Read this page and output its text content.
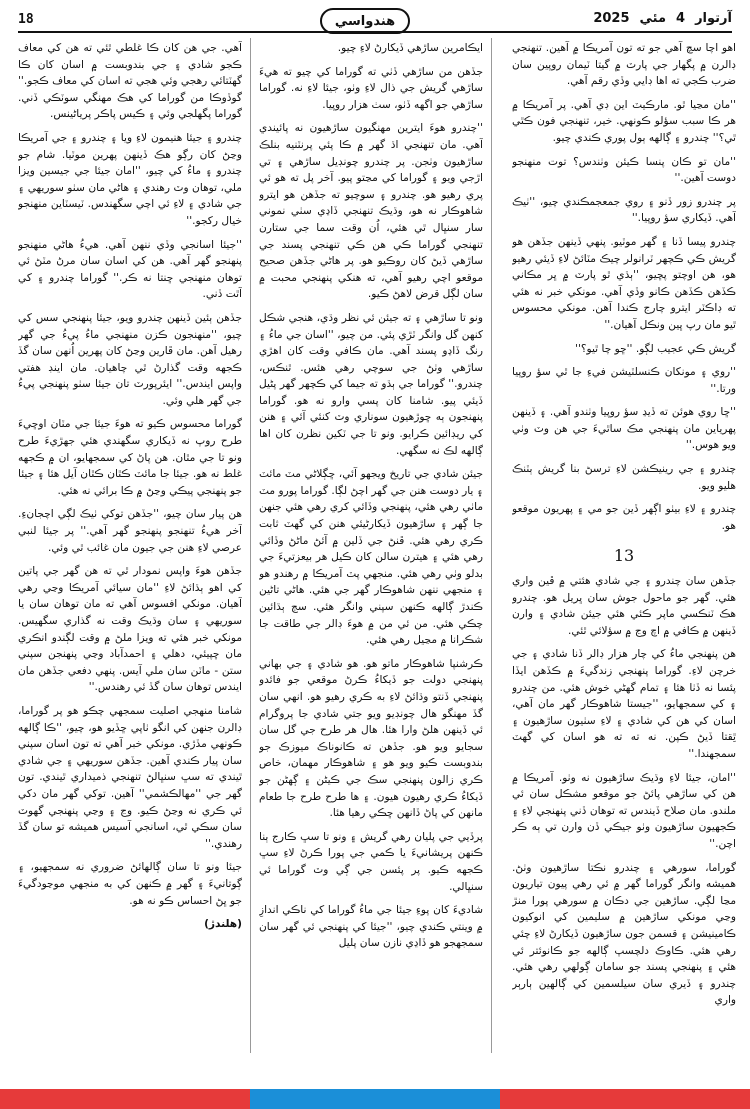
18	هندواسي	2025 مئي 4 آرتوار

اهو اچا سچ آهي جو ته تون آمريڪا ۾ آهين. تنهنجي ڊالرن ۾ پگهار جي پارٽ ۾ گيتا ٽيمان روپين سان ضرب ڪجي ته اها ڊايي وڏي رقم آهي.

''مان مڃيا ٿو. مارڪيٽ اين ڊي آهي. پر آمريڪا ۾ هر ڪا سبب سؤلو ڪونهي. خير، تنهنجي فون ڪٿي ٿي؟'' چندرو ۽ ڳالهه ٻول پوري ڪندي چيو.

''مان تو ڪان پنسا ڪيئن وٺندس؟ توت منهنجو دوست آهين.''

پر چندرو زور ڏنو ۽ روي جمعجمڪندي چيو، ''ٺيڪ آهي. ڏيکاري سؤ روپيا.''

چندرو پيسا ڏنا ۽ گهر موٽيو. پنهي ڏينهن جڏهن هو گريش ڪي ڪچهر ٽرانولر چيڪ مٽائڻ لاءِ ڏيئي رهيو هو، هن اوچتو پڇيو، ''ٻڌي ٿو پارٽ ۾ ڀر مڪاني ڪڏهن ڪڏهن ڪانو وڏي آهي. مونکي خبر نه هئي ته ڊاڪٽر ايترو چارج ڪندا آهن. مونکي محسوس ٿيو مان رپ ڀين ونڪل آهيان.''

گريش ڪي عجيب لڳو. ''ڇو چا ٿيو؟''

''روي ۽ مونکان ڪنسلٽيشن فيءِ جا ٿي سؤ روپيا ورتا.''

''ڇا روي هوئن ته ڏيڍ سؤ روپيا وٺندو آهي. ۽ ڏينهن پهرياين مان پنهنجي مڪ ساٿيءَ جي هن وٽ وٺي ويو هوس.''

چندرو ۽ جي رينيڪشن لاءِ ترسڻ بنا گريش ٻٽنڪ هليو ويو.

چندرو ۽ لاءِ بيٺو اڳهر ڏين جو مي ۽ پهريون موقعو هو.

13

جڏهن سان چندرو ۽ جي شادي هئتي ۾ ڦين واري هئي. گهر جو ماحول جوش سان ڀريل هو. چندرو هڪ ٽنڪسي ماپر ڪئي هئي جيئن شادي ۽ وارن ڏينهن ۾ ڪافي ۾ اچ وڃ ۾ سؤلائي ٿئي.

هن پنهنجي ماءُ کي چار هزار ڊالر ڏنا شادي ۽ جي خرچن لاءِ. گوراما پنهنجي زندگيءَ ۾ ڪڏهن ايڏا پئسا نه ڏٺا هئا ۽ تمام گهڻي خوش هئي. من چندرو ۽ کي سمجهايو، ''جيستا شاهوڪار گهر مان آهي، اسان کي هن کي شادي ۽ لاءِ سٺيون ساڙهيون ۽ ٿِقتا ڏيڻ ڪپن. نه ته ته هو اسان کي گهٽ سمجهندا.''

''امان، جيئا لاءِ وڌيڪ ساڙهيون نه وٺو. آمريڪا ۾ هن کي ساڙهي پائڻ جو موقعو مشڪل سان ئي ملندو. مان صلاح ڏيندس ته توهان ڏني پنهنجي لاءِ ۽ ڪجهيون ساڙهيون وٺو جيڪي ڏن وارن تي ٻه ڪر اچن.''

گوراما، سورهي ۽ چندرو نڪتا ساڙهيون وٺڻ. هميشه وانگر گوراما گهر ۾ ئي رهي پيون تياريون مڃا لڳي. ساڙهين جي دڪان ۾ سورهي پورا منڙ وڃي مونکي ساڙهين ۾ سليمين کي انوکيون ڪامينيشن ۽ قسمن جون ساڙهيون ڏيکارڻ لاءِ چئي رهي هئي. ڪاوڪ دلچسپ ڳالهه جو ڪانوئتر ئي هئي ۽ پنهنجي پسند جو سامان ڳولهي رهي هئي. چندرو ۽ ڏيري سان سيلسمين کي ڳالهين ٻارٻر واري

ايڪامرين ساڙهي ڏيکارڻ لاءِ چيو.

جڏهن من ساڙهي ڏٺي ته گوراما کي چيو ته هيءَ ساڙهي گريش جي ذال لاءِ وٺو، جيئا لاءِ نه. گوراما ساڙهي جو اگهه ڏٺو، سٺ هزار روپيا.

''چندرو هوءَ ايترين مهنگيون ساڙهيون نه پائيندي آهي. مان تنهنجي اڌ گهر ۾ ڪا پئي پرنٽنيه بنلڪ ساڙهيون وٺجن. پر چندرو چونڊيل ساڙهي ۽ تي اڙجي ويو ۽ گوراما کي مڃتو پيو. آخر پل ته هو ئي پري رهيو هو. چندرو ۽ سوچيو ته جڏهن هو ايترو شاهوڪار نه هو، وڌيڪ تنهنجي ڏاڍي سٺي نموني سار سنڀال ٿي هئي، اُن وقت سما جي ستارن تنهنجي گوراما ڪي هن ڪي تنهنجي پسند جي ساڙهي ڏيڻ کان روڪيو هو. پر هاڻي جڏهن صحيح موقعو اچي رهيو آهي، ته هنکي پنهنجي محبت ۾ سان لڳل قرض لاهڻ ڪيو.

ونو تا ساڙهي ۽ ته جيئن ئي نظر وڌي، هنجي شڪل کنهن گل وانگر ٽڙي پئي. من چيو، ''اسان جي ماءُ ۽ رنگ ڏاڍو پسند آهي. مان ڪافي وقت کان اهڙي ساڙهي وٺڻ جي سوچي رهي هئس. ٿنڪس، چندرو.'' گوراما جي ٻڌو ته جيما کي ڪچهر گهر پڻيل ڏيئي پيو. شامنا کان پسي وارو نه هو. گوراما پنهنجون ٻه ڇوڙهيون سوناري وٽ کنئي آئي ۽ هنن کي ريڊائين ڪرايو. ونو تا جي ٽکين نظرن کان اها ڳالهه لڪ نه سگهي.

جيئن شادي جي تاريخ ويجهو آئي، ڇڳلاڻي مٽ مائٽ ۽ يار دوست هنن جي گهر اچڻ لڳا. گوراما پورو مٽ ماٺي رهي هئي، پنهنجي وڏائي کري رهي هئي جنهن جا ڳهر ۽ ساڙهيون ڏيکارڻيئي هنن کي گهٽ ثابت ڪري رهي هئي. ڦنڻ جي ڏلين ۾ آئڻ ماڻڻ وڏائي رهي هئي ۽ هيترن سالن کان ڪيل هر بيعزتيءَ جي بدلو وٺي رهي هئي. منجهي پٽ آمريڪا ۾ رهندو هو ۽ منجهي ننهن شاهوڪار گهر جي هئي. هاڻي تاڻين ڪندڙ ڳالهه ڪنهن سپني وانگر هئي. سڄ ٻڌائين چڪي هئي. من ئي من ۾ هوءَ ڊالر جي طاقت جا شڪرانا ۾ مڃيل رهي هئي.

ڪرشنپا شاهوڪار ماتو هو. هو شادي ۽ جي بهاني پنهنجي دولت جو ڏيکاءُ ڪرڻ موقعي جو فائدو پنهنجي ڏنتو وڌائڻ لاءِ به ڪري رهيو هو. انهي سان گڏ مهنگو هال چونڊيو ويو جتي شادي جا پروگرام ئي ڏينهن هلڻ وارا هئا. هال هر طرح جي گل سان سجايو ويو هو. جڏهن ته ڪانوناڪ ميوزڪ جو بندوبست ڪيو ويو هو ۽ شاهوڪار مهمان، خاص ڪري زالون پنهنجي سڪ جي ڪيڻن ۽ ڳهڻن جو ڏيکاءُ ڪري رهيون هيون. ۽ ها طرح طرح جا طعام مانهن کي پاڻ ڏانهن ڇڪي رهيا هئا.

پرڏيي جي پليان رهي گريش ۽ ونو تا سڀ ڪارج ٻنا ڪنهن پريشانيءَ يا ڪمي جي پورا ڪرڻ لاءِ سڀ ڪجهه ڪيو. پر پئسن جي ڳي وٽ گوراما ئي سنڀالي.

شاديءَ کان پوءِ جيئا جي ماءُ گوراما کي ناڪي اندازِ ۾ وينتي ڪندي چيو، ''جيئا کي پنهنجي ئي گهر سان سمجهجو هو ڏاڍي نازن سان پليل

آهي. جي هن کان ڪا غلطي ٿئي ته هن کي معاف ڪجو شادي ۽ جي بندوبست ۾ اسان کان ڪا گهٽتائي رهجي وئي هجي ته اسان کي معاف ڪجو.'' گوڏوڪا من گوراما کي هڪ مهنگي سوٽڪي ڏني. گوراما پگهلجي وئي ۽ ڪيس پاڪر پرياڻينس.

چندرو ۽ جيئا هنيمون لاءِ ويا ۽ چندرو ۽ جي آمريڪا وڃڻ کان رڳو هڪ ڏينهن پهرين موٽيا. شام جو چندرو ۽ ماءُ کي چيو، ''امان جيئا جي جيسين ويزا ملي، توهان وٽ رهندي ۽ هاڻي مان سٺو سوريهي ۽ جي شادي ۽ لاءِ ئي اچي سگهندس. ٽيسٽاين منهنجو خيال رکجو.''

''جيئا اسانجي وڏي ننهن آهي. هيءُ هاڻي منهنجو پنهنجو گهر آهي. هن کي اسان سان مرڻ مٽڻ ئي توهان منهنجي ڇنتا نه ڪر.'' گوراما چندرو ۽ کي آٿت ڏني.

جڏهن ٻئين ڏينهن چندرو ويو، جيئا پنهنجي سس کي چيو، ''منهنجون ڪزن منهنجي ماءُ پيءُ جي گهر رهيل آهن. مان ڦارين وڃڻ کان پهرين اُنهن سان گڏ ڪجهه وقت گذارڻ ٿي چاهيان. مان اينڊ هفتي واپس ايندس.'' ايئرپورٽ تان جيئا سٺو پنهنجي پيءُ جي گهر هلي وئي.

گوراما محسوس ڪيو ته هوءَ جيئا جي مٽان اوڇيءَ طرح روپ نه ڏيکاري سگهندي هئي جهڙيءَ طرح ونو تا جي مٿان. هن پاڻ کي سمجهايو، ان ۾ ڪجهه غلط نه هو. جيئا جا مائٽ ڪٿان ڪٿان آيل هئا ۽ جيئا جو پنهنجي پيڪي وڃڻ ۾ ڪا برائي نه هئي.

هن پيار سان چيو، ''جڏهن توکي ٺيڪ لڳي اچجانءِ. آخر هيءُ تنهنجو پنهنجو گهر آهي.'' پر جيئا لنبي عرصي لاءِ هنن جي جيون مان غائب ٿي وئي.

جڏهن هوءَ واپس نمودار ٿي ته هن گهر جي پاتين کي اهو ٻڌائڻ لاءِ ''مان سيائي آمريڪا وڃي رهي آهيان. مونکي افسوس آهي ته مان توهان سان يا سوريهي ۽ سان وڌيڪ وقت نه گذاري سگهيس. مونکي خبر هئي ته ويزا ملڻ ۾ وقت لڳندو انڪري مان ڇپيئي، دهلي ۽ احمدآباد وڃي پنهنجن سپني ستن - ماٽن سان ملي آيس. پنهي دفعي جڏهن مان ايندس توهان سان گڏ ئي رهندس.''

شامنا منهجي اصليت سمجهي چڪو هو پر گوراما، ڊالرن جنهن کي انگو ٺاپي ڇڏيو هو، چيو، ''ڪا ڳالهه ڪونهي مڏڙي. مونکي خبر آهي ته تون اسان سپني سان پيار ڪندي آهين. جڏهن سوريهي ۽ جي شادي ٿيندي ته سڀ سنڀالڻ تنهنجي ذميداري ٿيندي. تون گهر جي ''مهالڪشمي'' آهين. توکي گهر مان دکي ئي ڪري نه وڃڻ ڪيو. وڃ ۽ وڃي پنهنجي گهوٽ سان سڪي ٿي، اسانجي آسيس هميشه تو سان گڏ رهندي.''

جيئا ونو تا سان ڳالهائڻ ضروري نه سمجهيو، ۽ ڳوتانيءَ ۽ گهر ۾ ڪنهن کي به منجهي موڃودگيءَ جو ڀڻ احساس ڪو نه هو.

(هلندڙ)
